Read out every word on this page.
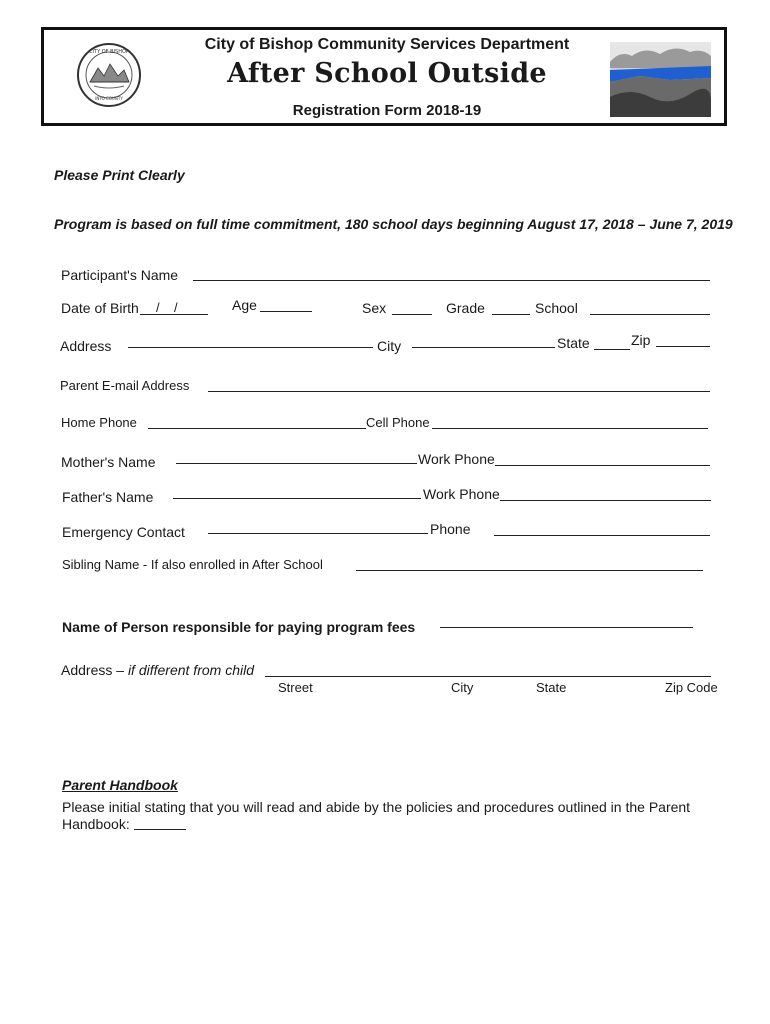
CITY OF BISHOP
INYO COUNTY
City of Bishop Community Services Department
After School Outside
Registration Form 2018-19
Please Print Clearly
Program is based on full time commitment, 180 school days beginning August 17, 2018 – June 7, 2019
Participant's Name
Date of Birth /    /	Age	Sex	Grade	School
Address	City	State	Zip
Parent E-mail Address
Home Phone	Cell Phone
Mother's Name	Work Phone
Father's Name	Work Phone
Emergency Contact	Phone
Sibling Name - If also enrolled in After School
Name of Person responsible for paying program fees
Address – if different from child
Street	City	State	Zip Code
Parent Handbook
Please initial stating that you will read and abide by the policies and procedures outlined in the Parent
Handbook:
